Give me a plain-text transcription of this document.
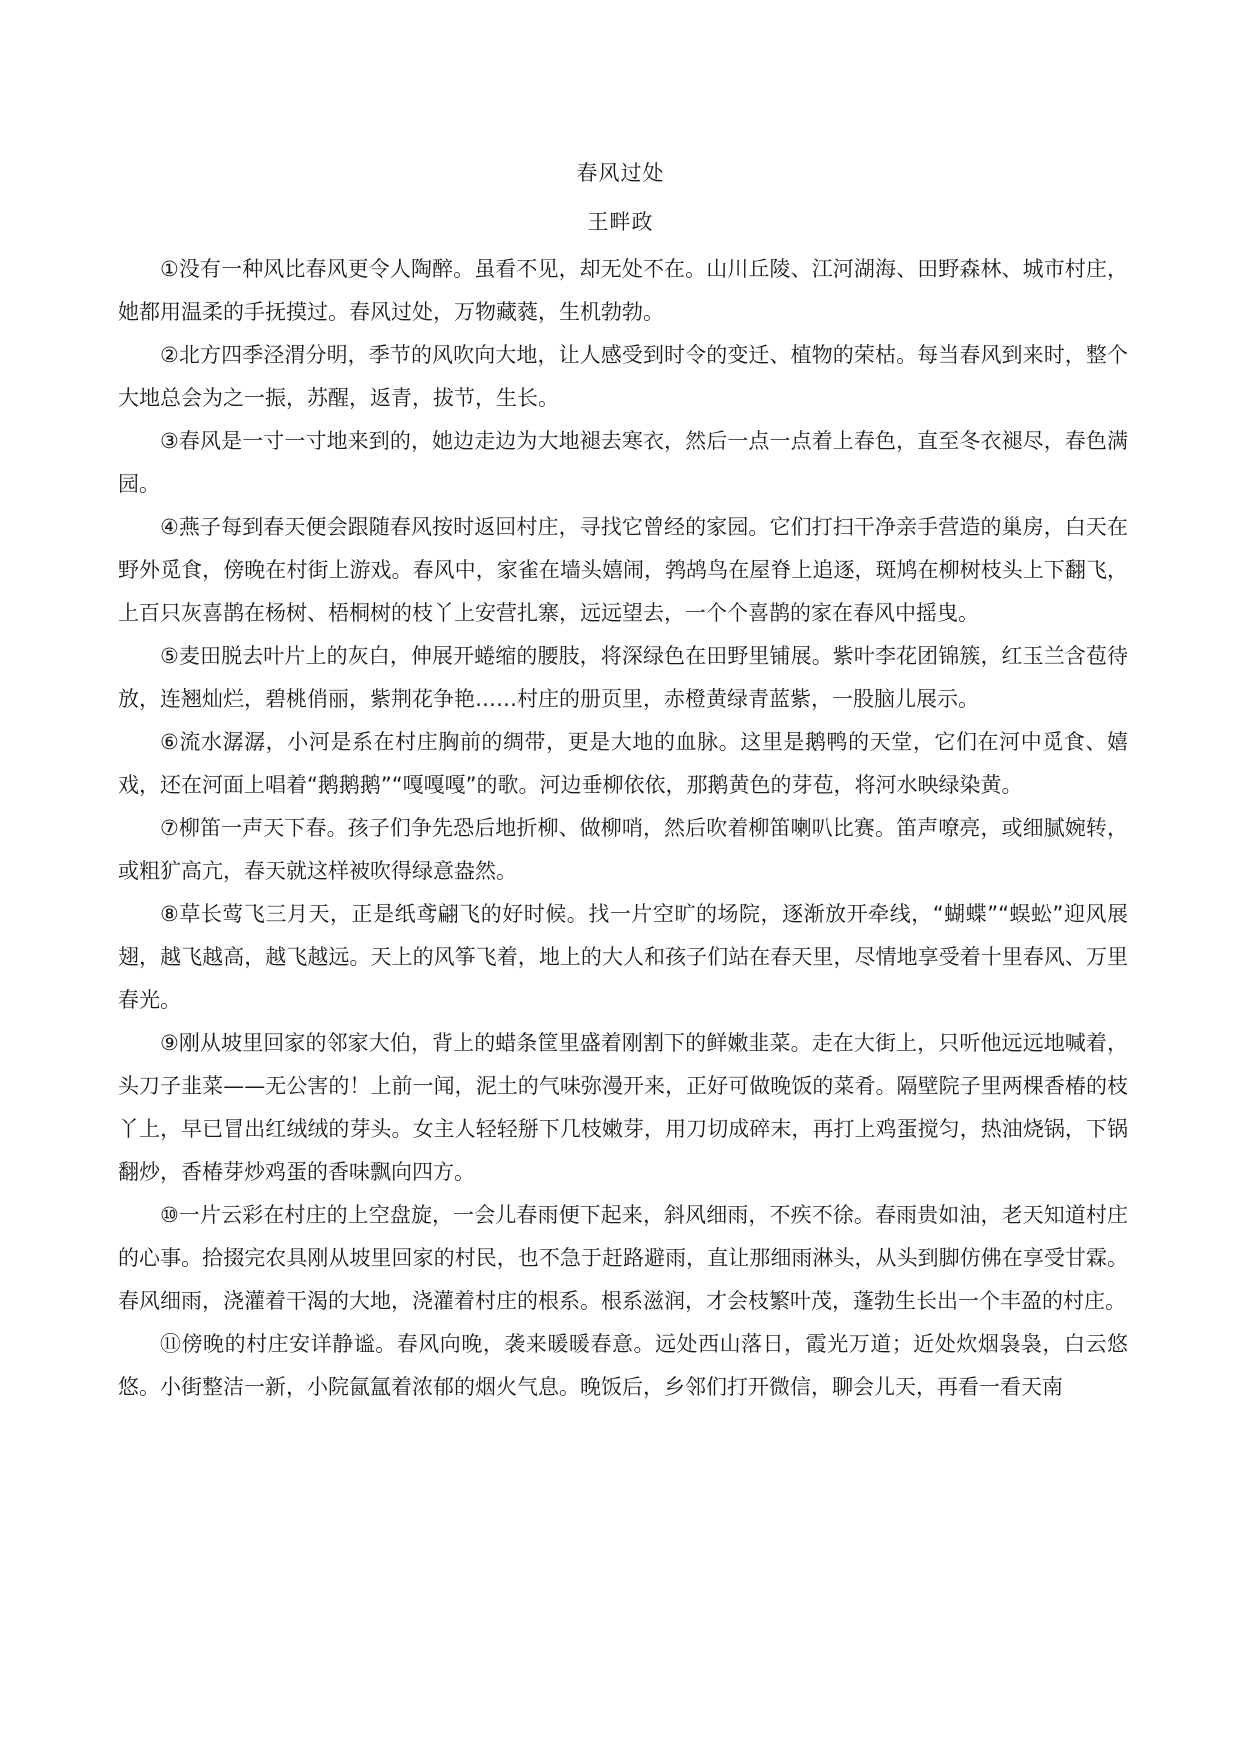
春风过处
王畔政

①没有一种风比春风更令人陶醉。虽看不见，却无处不在。山川丘陵、江河湖海、田野森林、城市村庄，她都用温柔的手抚摸过。春风过处，万物藏蕤，生机勃勃。

②北方四季泾渭分明，季节的风吹向大地，让人感受到时令的变迁、植物的荣枯。每当春风到来时，整个大地总会为之一振，苏醒，返青，拔节，生长。

③春风是一寸一寸地来到的，她边走边为大地褪去寒衣，然后一点一点着上春色，直至冬衣褪尽，春色满园。

④燕子每到春天便会跟随春风按时返回村庄，寻找它曾经的家园。它们打扫干净亲手营造的巢房，白天在野外觅食，傍晚在村街上游戏。春风中，家雀在墙头嬉闹，鹁鸪鸟在屋脊上追逐，斑鸠在柳树枝头上下翻飞，上百只灰喜鹊在杨树、梧桐树的枝丫上安营扎寨，远远望去，一个个喜鹊的家在春风中摇曳。

⑤麦田脱去叶片上的灰白，伸展开蜷缩的腰肢，将深绿色在田野里铺展。紫叶李花团锦簇，红玉兰含苞待放，连翘灿烂，碧桃俏丽，紫荆花争艳……村庄的册页里，赤橙黄绿青蓝紫，一股脑儿展示。

⑥流水潺潺，小河是系在村庄胸前的绸带，更是大地的血脉。这里是鹅鸭的天堂，它们在河中觅食、嬉戏，还在河面上唱着“鹅鹅鹅”“嘎嘎嘎”的歌。河边垂柳依依，那鹅黄色的芽苞，将河水映绿染黄。

⑦柳笛一声天下春。孩子们争先恐后地折柳、做柳哨，然后吹着柳笛喇叭比赛。笛声嘹亮，或细腻婉转，或粗犷高亢，春天就这样被吹得绿意盎然。

⑧草长莺飞三月天，正是纸鸢翩飞的好时候。找一片空旷的场院，逐渐放开牵线，“蝴蝶”“蜈蚣”迎风展翅，越飞越高，越飞越远。天上的风筝飞着，地上的大人和孩子们站在春天里，尽情地享受着十里春风、万里春光。

⑨刚从坡里回家的邻家大伯，背上的蜡条筐里盛着刚割下的鲜嫩韭菜。走在大街上，只听他远远地喊着，头刀子韭菜——无公害的！上前一闻，泥土的气味弥漫开来，正好可做晚饭的菜肴。隔壁院子里两棵香椿的枝丫上，早已冒出红绒绒的芽头。女主人轻轻掰下几枝嫩芽，用刀切成碎末，再打上鸡蛋搅匀，热油烧锅，下锅翻炒，香椿芽炒鸡蛋的香味飘向四方。

⑩一片云彩在村庄的上空盘旋，一会儿春雨便下起来，斜风细雨，不疾不徐。春雨贵如油，老天知道村庄的心事。拾掇完农具刚从坡里回家的村民，也不急于赶路避雨，直让那细雨淋头，从头到脚仿佛在享受甘霖。春风细雨，浇灌着干渴的大地，浇灌着村庄的根系。根系滋润，才会枝繁叶茂，蓬勃生长出一个丰盈的村庄。

⑪傍晚的村庄安详静谧。春风向晚，袭来暖暖春意。远处西山落日，霞光万道；近处炊烟袅袅，白云悠悠。小街整洁一新，小院氤氲着浓郁的烟火气息。晚饭后，乡邻们打开微信，聊会儿天，再看一看天南
